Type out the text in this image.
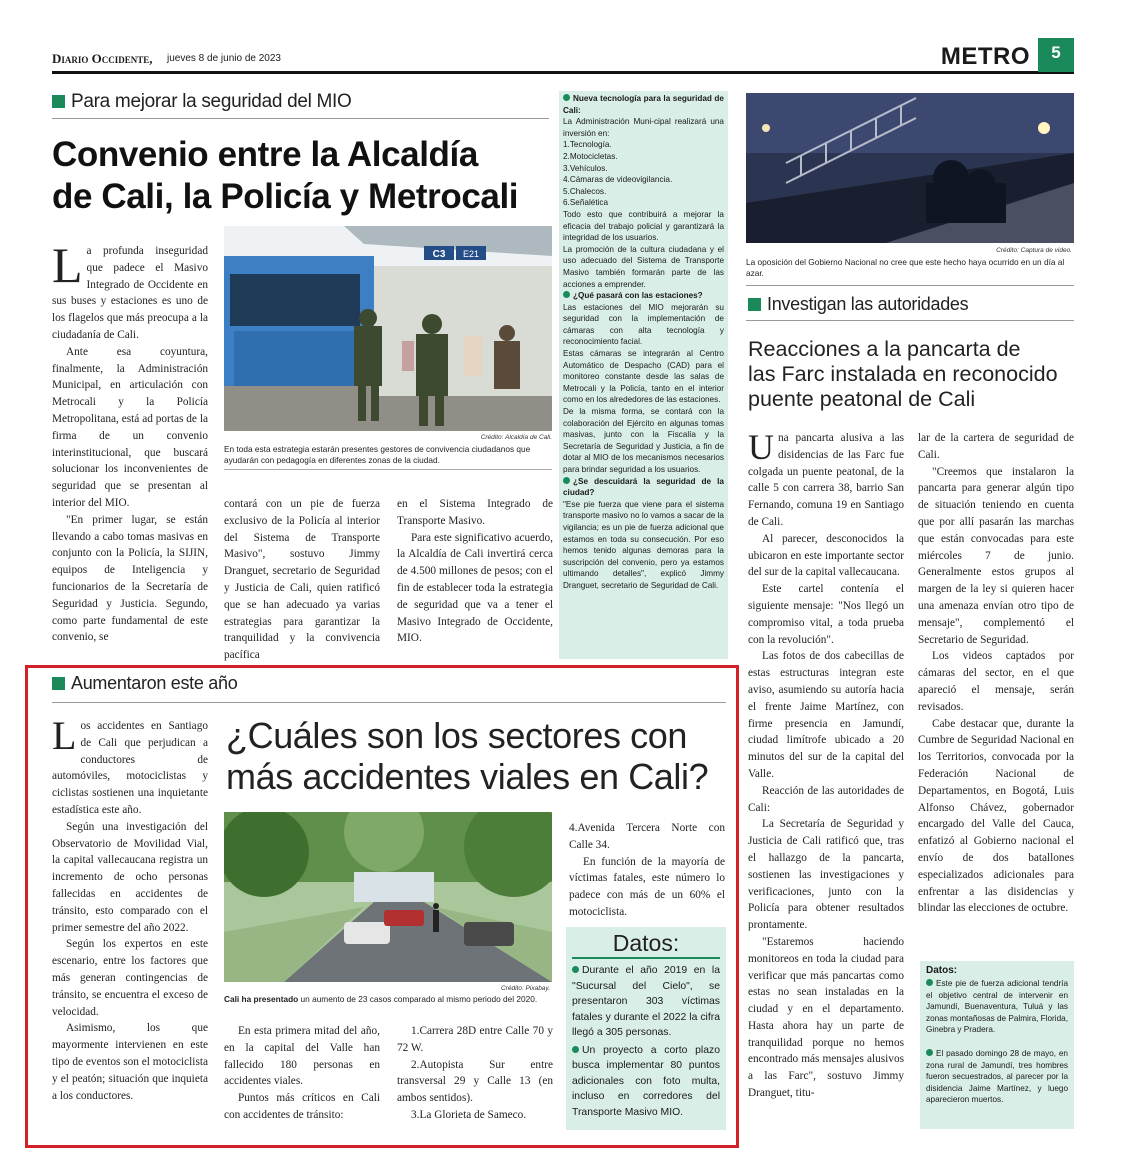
Diario Occidente, jueves 8 de junio de 2023	METRO	5
Para mejorar la seguridad del MIO
Convenio entre la Alcaldía
de Cali, la Policía y Metrocali

La profunda inseguridad que padece el Masivo Integrado de Occidente en sus buses y estaciones es uno de los flagelos que más preocupa a la ciudadanía de Cali.

Ante esa coyuntura, finalmente, la Administración Municipal, en articulación con Metrocali y la Policía Metropolitana, está ad portas de la firma de un convenio interinstitucional, que buscará solucionar los inconvenientes de seguridad que se presentan al interior del MIO.

"En primer lugar, se están llevando a cabo tomas masivas en conjunto con la Policía, la SIJIN, equipos de Inteligencia y funcionarios de la Secretaría de Seguridad y Justicia. Segundo, como parte fundamental de este convenio, se

C3 E21
Crédito: Alcaldía de Cali.
En toda esta estrategia estarán presentes gestores de convivencia ciudadanos que ayudarán con pedagogía en diferentes zonas de la ciudad.

contará con un pie de fuerza exclusivo de la Policía al interior del Sistema de Transporte Masivo", sostuvo Jimmy Dranguet, secretario de Seguridad y Justicia de Cali, quien ratificó que se han adecuado ya varias estrategias para garantizar la tranquilidad y la convivencia pacífica

en el Sistema Integrado de Transporte Masivo.

Para este significativo acuerdo, la Alcaldía de Cali invertirá cerca de 4.500 millones de pesos; con el fin de establecer toda la estrategia de seguridad que va a tener el Masivo Integrado de Occidente, MIO.

Nueva tecnología para la seguridad de Cali:
La Administración Muni-cipal realizará una inversión en:
1.Tecnología.
2.Motocicletas.
3.Vehículos.
4.Cámaras de videovigilancia.
5.Chalecos.
6.Señalética
Todo esto que contribuirá a mejorar la eficacia del trabajo policial y garantizará la integridad de los usuarios.
La promoción de la cultura ciudadana y el uso adecuado del Sistema de Transporte Masivo también formarán parte de las acciones a emprender.
¿Qué pasará con las estaciones?
Las estaciones del MIO mejorarán su seguridad con la implementación de cámaras con alta tecnología y reconocimiento facial.
Estas cámaras se integrarán al Centro Automático de Despacho (CAD) para el monitoreo constante desde las salas de Metrocali y la Policía, tanto en el interior como en los alrededores de las estaciones.
De la misma forma, se contará con la colaboración del Ejército en algunas tomas masivas, junto con la Fiscalía y la Secretaría de Seguridad y Justicia, a fin de dotar al MIO de los mecanismos necesarios para brindar seguridad a los usuarios.
¿Se descuidará la seguridad de la ciudad?
"Ese pie fuerza que viene para el sistema transporte masivo no lo vamos a sacar de la vigilancia; es un pie de fuerza adicional que estamos en toda su consecución. Por eso hemos tenido algunas demoras para la suscripción del convenio, pero ya estamos ultimando detalles", explicó Jimmy Dranguet, secretario de Seguridad de Cali.
Crédito: Captura de video.
La oposición del Gobierno Nacional no cree que este hecho haya ocurrido en un día al azar.
Investigan las autoridades
Reacciones a la pancarta de
las Farc instalada en reconocido
puente peatonal de Cali

Una pancarta alusiva a las disidencias de las Farc fue colgada un puente peatonal, de la calle 5 con carrera 38, barrio San Fernando, comuna 19 en Santiago de Cali.

Al parecer, desconocidos la ubicaron en este importante sector del sur de la capital vallecaucana.

Este cartel contenía el siguiente mensaje: "Nos llegó un compromiso vital, a toda prueba con la revolución".

Las fotos de dos cabecillas de estas estructuras integran este aviso, asumiendo su autoría hacia el frente Jaime Martínez, con firme presencia en Jamundí, ciudad limítrofe ubicado a 20 minutos del sur de la capital del Valle.

Reacción de las autoridades de Cali:

La Secretaría de Seguridad y Justicia de Cali ratificó que, tras el hallazgo de la pancarta, sostienen las investigaciones y verificaciones, junto con la Policía para obtener resultados prontamente.

"Estaremos haciendo monitoreos en toda la ciudad para verificar que más pancartas como estas no sean instaladas en la ciudad y en el departamento. Hasta ahora hay un parte de tranquilidad porque no hemos encontrado más mensajes alusivos a las Farc", sostuvo Jimmy Dranguet, titu-

lar de la cartera de seguridad de Cali.

"Creemos que instalaron la pancarta para generar algún tipo de situación teniendo en cuenta que por allí pasarán las marchas que están convocadas para este miércoles 7 de junio. Generalmente estos grupos al margen de la ley si quieren hacer una amenaza envían otro tipo de mensaje", complementó el Secretario de Seguridad.

Los videos captados por cámaras del sector, en el que apareció el mensaje, serán revisados.

Cabe destacar que, durante la Cumbre de Seguridad Nacional en los Territorios, convocada por la Federación Nacional de Departamentos, en Bogotá, Luis Alfonso Chávez, gobernador encargado del Valle del Cauca, enfatizó al Gobierno nacional el envío de dos batallones especializados adicionales para enfrentar a las disidencias y blindar las elecciones de octubre.

Datos:
Este pie de fuerza adicional tendría el objetivo central de intervenir en Jamundí, Buenaventura, Tuluá y las zonas montañosas de Palmira, Florida, Ginebra y Pradera.
El pasado domingo 28 de mayo, en zona rural de Jamundí, tres hombres fueron secuestrados, al parecer por la disidencia Jaime Martínez, y luego aparecieron muertos.
Aumentaron este año

Los accidentes en Santiago de Cali que perjudican a conductores de automóviles, motociclistas y ciclistas sostienen una inquietante estadística este año.

Según una investigación del Observatorio de Movilidad Vial, la capital vallecaucana registra un incremento de ocho personas fallecidas en accidentes de tránsito, esto comparado con el primer semestre del año 2022.

Según los expertos en este escenario, entre los factores que más generan contingencias de tránsito, se encuentra el exceso de velocidad.

Asimismo, los que mayormente intervienen en este tipo de eventos son el motociclista y el peatón; situación que inquieta a los conductores.

¿Cuáles son los sectores con
más accidentes viales en Cali?
Crédito: Pixabay.
Cali ha presentado un aumento de 23 casos comparado al mismo periodo del 2020.

En esta primera mitad del año, en la capital del Valle han fallecido 180 personas en accidentes viales.

Puntos más críticos en Cali con accidentes de tránsito:

1.Carrera 28D entre Calle 70 y 72 W.

2.Autopista Sur entre transversal 29 y Calle 13 (en ambos sentidos).

3.La Glorieta de Sameco.

4.Avenida Tercera Norte con Calle 34.

En función de la mayoría de víctimas fatales, este número lo padece con más de un 60% el motociclista.

Datos:
Durante el año 2019 en la "Sucursal del Cielo", se presentaron 303 víctimas fatales y durante el 2022 la cifra llegó a 305 personas.
Un proyecto a corto plazo busca implementar 80 puntos adicionales con foto multa, incluso en corredores del Transporte Masivo MIO.
